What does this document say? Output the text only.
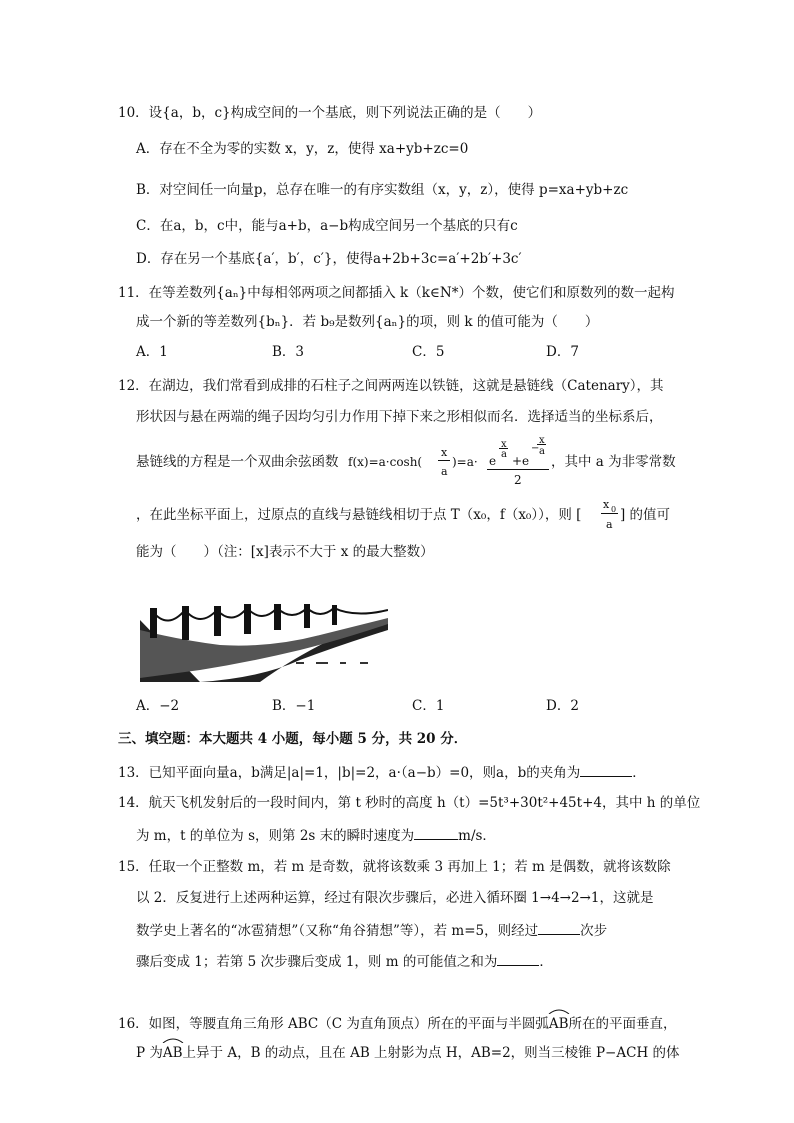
10．设{a，b，c}构成空间的一个基底，则下列说法正确的是（　　）
A．存在不全为零的实数 x，y，z，使得 xa+yb+zc=0
B．对空间任一向量p，总存在唯一的有序实数组（x，y，z），使得 p=xa+yb+zc
C．在a，b，c中，能与a+b，a−b构成空间另一个基底的只有c
D．存在另一个基底{a′，b′，c′}，使得a+2b+3c=a′+2b′+3c′
11．在等差数列{aₙ}中每相邻两项之间都插入 k（k∈N*）个数，使它们和原数列的数一起构
成一个新的等差数列{bₙ}．若 b₉是数列{aₙ}的项，则 k 的值可能为（　　）
A．1	B．3	C．5	D．7
12．在湖边，我们常看到成排的石柱子之间两两连以铁链，这就是悬链线（Catenary），其
形状因与悬在两端的绳子因均匀引力作用下掉下来之形相似而名．选择适当的坐标系后，
悬链线的方程是一个双曲余弦函数 f(x)=a·cosh(
x
a
)=a·
x
a
e +e
−
x
a
2
，其中 a 为非零常数
，在此坐标平面上，过原点的直线与悬链线相切于点 T（x₀，f（x₀）），则 [
x 0
a
] 的值可
能为（　　）（注：[x]表示不大于 x 的最大整数）
A．−2	B．−1	C．1	D．2
三、填空题：本大题共 4 小题，每小题 5 分，共 20 分．
13．已知平面向量a，b满足|a|=1，|b|=2，a·（a−b）=0，则a，b的夹角为	．
14．航天飞机发射后的一段时间内，第 t 秒时的高度 h（t）=5t³+30t²+45t+4，其中 h 的单位
为 m，t 的单位为 s，则第 2s 末的瞬时速度为	m/s．
15．任取一个正整数 m，若 m 是奇数，就将该数乘 3 再加上 1；若 m 是偶数，就将该数除
以 2．反复进行上述两种运算，经过有限次步骤后，必进入循环圈 1→4→2→1，这就是
数学史上著名的“冰雹猜想”（又称“角谷猜想”等），若 m=5，则经过	次步
骤后变成 1；若第 5 次步骤后变成 1，则 m 的可能值之和为	．
16．如图，等腰直角三角形 ABC（C 为直角顶点）所在的平面与半圆弧
AB所在的平面垂直，
P 为
AB上异于 A，B 的动点，且在 AB 上射影为点 H，AB=2，则当三棱锥 P−ACH 的体
